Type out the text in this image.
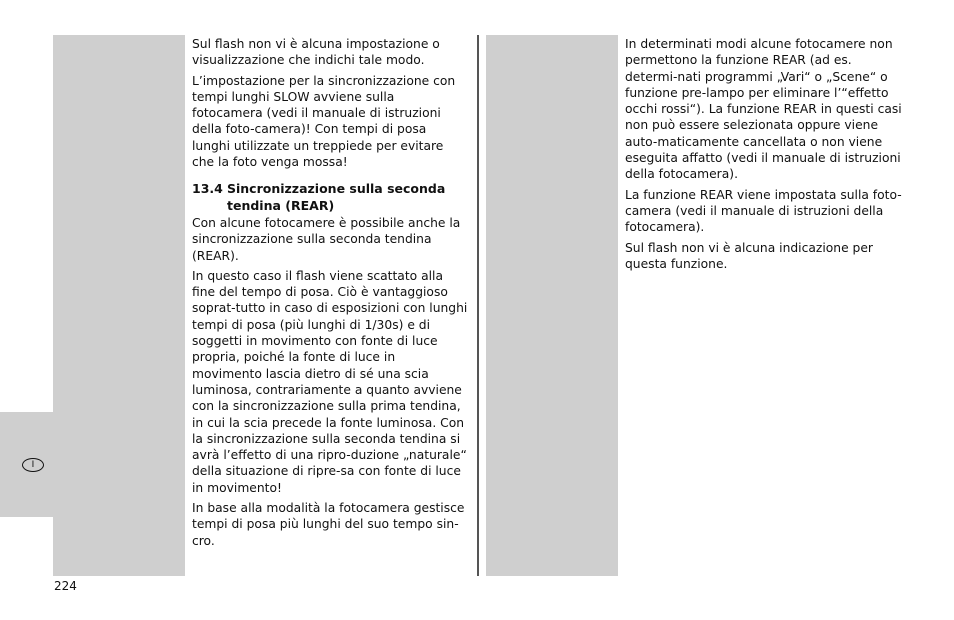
I

Sul flash non vi è alcuna impostazione o visualizzazione che indichi tale modo.

L’impostazione per la sincronizzazione con tempi lunghi SLOW avviene sulla fotocamera (vedi il manuale di istruzioni della foto-camera)! Con tempi di posa lunghi utilizzate un treppiede per evitare che la foto venga mossa!

13.4 Sincronizzazione sulla seconda tendina (REAR)

Con alcune fotocamere è possibile anche la sincronizzazione sulla seconda tendina (REAR).

In questo caso il flash viene scattato alla fine del tempo di posa. Ciò è vantaggioso soprat-tutto in caso di esposizioni con lunghi tempi di posa (più lunghi di 1/30s) e di soggetti in movimento con fonte di luce propria, poiché la fonte di luce in movimento lascia dietro di sé una scia luminosa, contrariamente a quanto avviene con la sincronizzazione sulla prima tendina, in cui la scia precede la fonte luminosa. Con la sincronizzazione sulla seconda tendina si avrà l’effetto di una ripro-duzione „naturale“ della situazione di ripre-sa con fonte di luce in movimento!

In base alla modalità la fotocamera gestisce tempi di posa più lunghi del suo tempo sin-cro.

In determinati modi alcune fotocamere non permettono la funzione REAR (ad es. determi-nati programmi „Vari“ o „Scene“ o funzione pre-lampo per eliminare l’“effetto occhi rossi“). La funzione REAR in questi casi non può essere selezionata oppure viene auto-maticamente cancellata o non viene eseguita affatto (vedi il manuale di istruzioni della fotocamera).

La funzione REAR viene impostata sulla foto-camera (vedi il manuale di istruzioni della fotocamera).

Sul flash non vi è alcuna indicazione per questa funzione.

224
